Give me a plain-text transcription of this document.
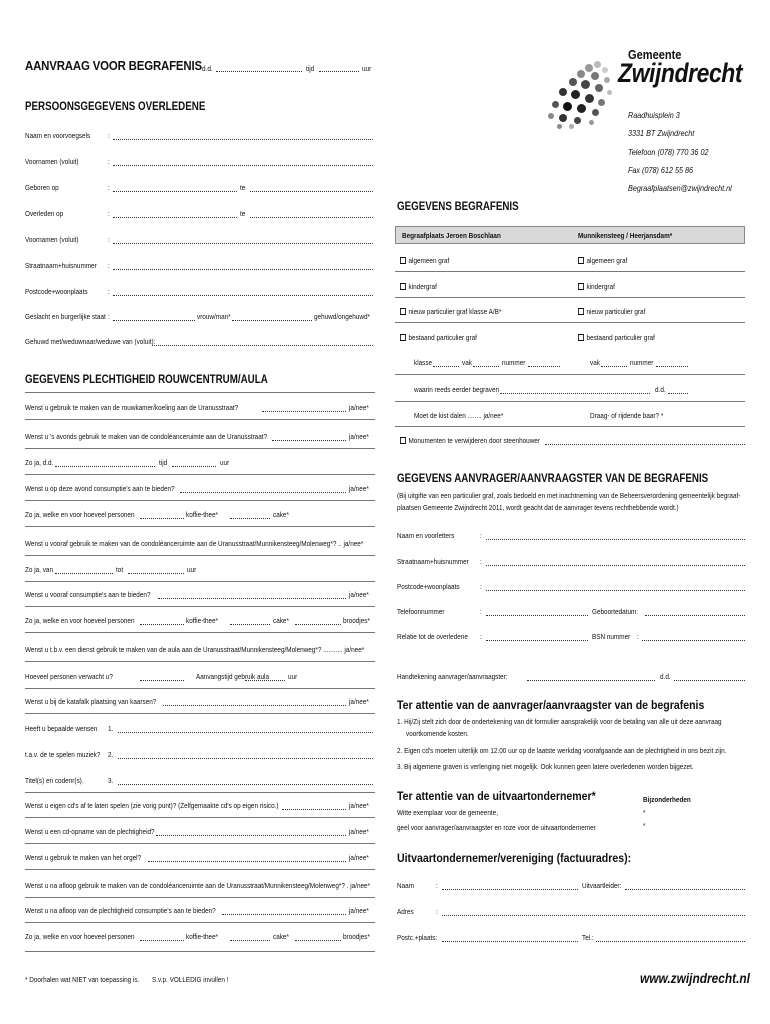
AANVRAAG VOOR BEGRAFENIS d.d.	tijd	uur
Gemeente
Zwijndrecht
Raadhuisplein 3
3331 BT Zwijndrecht
Telefoon (078) 770 36 02
Fax (078) 612 55 86
Begraafplaatsen@zwijndrecht.nl
PERSOONSGEGEVENS OVERLEDENE
Naam en voorvoegsels :
Voornamen (voluit)	:
Geboren op	:	te
Overleden op	:	te
Voornamen (voluit)	:
Straatnaam+huisnummer :
Postcode+woonplaats	:
Geslacht en burgerlijke staat :	vrouw/man*	gehuwd/ongehuwd*
Gehuwd met/weduwnaar/weduwe van (voluit):
GEGEVENS PLECHTIGHEID ROUWCENTRUM/AULA
Wenst u gebruik te maken van de rouwkamer/koeling aan de Uranusstraat?	ja/nee*
Wenst u 's avonds gebruik te maken van de condoléanceruimte aan de Uranusstraat?	ja/nee*
Zo ja, d.d.	tijd	uur
Wenst u op deze avond consumptie's aan te bieden?	ja/nee*
Zo ja, welke en voor hoeveel personen	koffie-thee*	cake*
Wenst u vooraf gebruik te maken van de condoléanceruimte aan de Uranusstraat/Munnikensteeg/Molenweg*? .. ja/nee*
Zo ja, van	tot	uur
Wenst u vooraf consumptie's aan te bieden?	ja/nee*
Zo ja, welke en voor hoeveel personen	koffie-thee*	cake*	broodjes*
Wenst u t.b.v. een dienst gebruik te maken van de aula aan de Uranusstraat/Munnikensteeg/Molenweg*? ........... ja/nee*
Hoeveel personen verwacht u?	Aanvangstijd gebruik aula	uur
Wenst u bij de katafalk plaatsing van kaarsen?	ja/nee*
Heeft u bepaalde wensen 1.
t.a.v. de te spelen muziek? 2.
Titel(s) en codenr(s).	3.
Wenst u eigen cd's af te laten spelen (zie vorig punt)? (Zelfgemaakte cd's op eigen risico.)	ja/nee*
Wenst u een cd-opname van de plechtigheid?	ja/nee*
Wenst u gebruik te maken van het orgel?	ja/nee*
Wenst u na afloop gebruik te maken van de condoléanceruimte aan de Uranusstraat/Munnikensteeg/Molenweg*? . ja/nee*
Wenst u na afloop van de plechtigheid consumptie's aan te bieden?	ja/nee*
Zo ja, welke en voor hoeveel personen	koffie-thee*	cake*	broodjes*
GEGEVENS BEGRAFENIS
Begraafplaats Jeroen Boschlaan	Munnikensteeg / Heerjansdam*
algemeen graf	algemeen graf
kindergraf	kindergraf
nieuw particulier graf klasse A/B*	nieuw particulier graf
bestaand particulier graf	bestaand particulier graf
klasse	vak	nummer	vak	nummer
waarin reeds eerder begraven	d.d.
Moet de kist dalen ........ ja/nee*	Draag- of rijdende baar? *
Monumenten te verwijderen door steenhouwer
GEGEVENS AANVRAGER/AANVRAAGSTER VAN DE BEGRAFENIS
(Bij uitgifte van een particulier graf, zoals bedoeld en met inachtneming van de Beheersverordening gemeentelijk begraaf-
plaatsen Gemeente Zwijndrecht 2011, wordt geacht dat de aanvrager tevens rechthebbende wordt.)
Naam en voorletters	:
Straatnaam+huisnummer :
Postcode+woonplaats	:
Telefoonnummer	:	Geboortedatum:
Relatie tot de overledene :	BSN nummer :
Handtekening aanvrager/aanvraagster:	d.d.
Ter attentie van de aanvrager/aanvraagster van de begrafenis
1. Hij/Zij stelt zich door de ondertekening van dit formulier aansprakelijk voor de betaling van alle uit deze aanvraag
voortkomende kosten.
2. Eigen cd's moeten uiterlijk om 12.00 uur op de laatste werkdag voorafgaande aan de plechtigheid in ons bezit zijn.
3. Bij algemene graven is verlenging niet mogelijk. Ook kunnen geen latere overledenen worden bijgezet.
Ter attentie van de uitvaartondernemer*	Bijzonderheden
*
*
Witte exemplaar voor de gemeente,
geel voor aanvrager/aanvraagster en roze voor de uitvaartondernemer
Uitvaartondernemer/vereniging (factuuradres):
Naam	:	Uitvaartleider:
Adres	:
Postc.+plaats:	Tel.:
* Doorhalen wat NIET van toepassing is. S.v.p. VOLLEDIG invullen !	www.zwijndrecht.nl
